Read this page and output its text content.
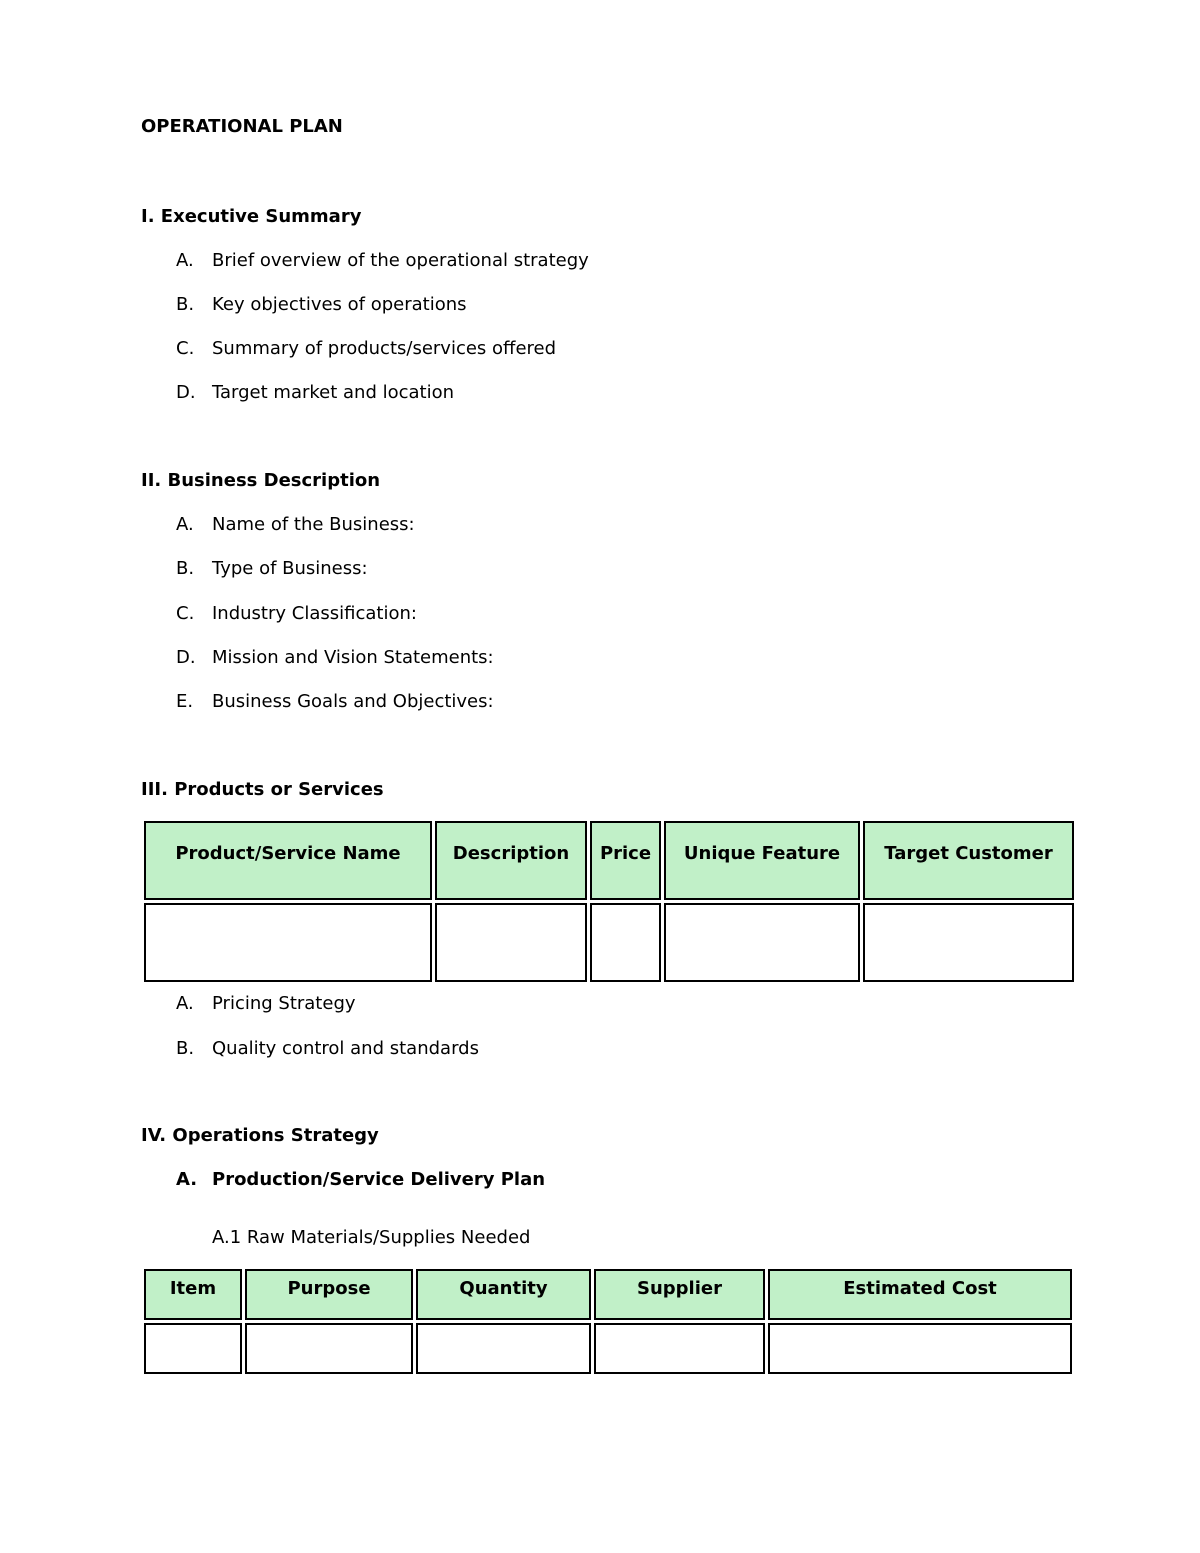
OPERATIONAL PLAN
I. Executive Summary
A. Brief overview of the operational strategy
B. Key objectives of operations
C. Summary of products/services offered
D. Target market and location
II. Business Description
A. Name of the Business:
B. Type of Business:
C. Industry Classification:
D. Mission and Vision Statements:
E. Business Goals and Objectives:
III. Products or Services
Product/Service Name	Description	Price	Unique Feature	Target Customer

A. Pricing Strategy
B. Quality control and standards
IV. Operations Strategy
A. Production/Service Delivery Plan
A.1 Raw Materials/Supplies Needed
Item	Purpose	Quantity	Supplier	Estimated Cost
